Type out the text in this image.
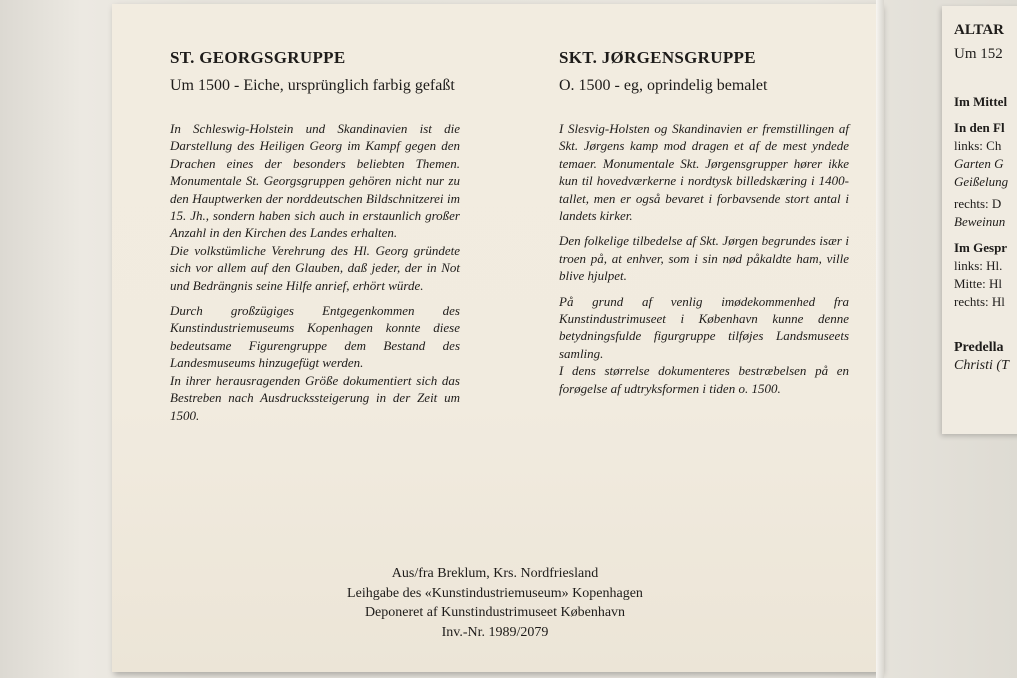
ST. GEORGSGRUPPE
Um 1500 - Eiche, ursprünglich farbig gefaßt

In Schleswig-Holstein und Skandinavien ist die Darstellung des Heiligen Georg im Kampf gegen den Drachen eines der besonders beliebten Themen. Monumentale St. Georgsgruppen gehören nicht nur zu den Hauptwerken der norddeutschen Bildschnitzerei im 15. Jh., sondern haben sich auch in erstaunlich großer Anzahl in den Kirchen des Landes erhalten.
Die volkstümliche Verehrung des Hl. Georg gründete sich vor allem auf den Glauben, daß jeder, der in Not und Bedrängnis seine Hilfe anrief, erhört würde.

Durch großzügiges Entgegenkommen des Kunstindustriemuseums Kopenhagen konnte diese bedeutsame Figurengruppe dem Bestand des Landesmuseums hinzugefügt werden.
In ihrer herausragenden Größe dokumentiert sich das Bestreben nach Ausdruckssteigerung in der Zeit um 1500.

SKT. JØRGENSGRUPPE
O. 1500 - eg, oprindelig bemalet

I Slesvig-Holsten og Skandinavien er fremstillingen af Skt. Jørgens kamp mod dragen et af de mest yndede temaer. Monumentale Skt. Jørgensgrupper hører ikke kun til hovedværkerne i nordtysk billedskæring i 1400-tallet, men er også bevaret i forbavsende stort antal i landets kirker.

Den folkelige tilbedelse af Skt. Jørgen begrundes især i troen på, at enhver, som i sin nød påkaldte ham, ville blive hjulpet.

På grund af venlig imødekommenhed fra Kunstindustrimuseet i København kunne denne betydningsfulde figurgruppe tilføjes Landsmuseets samling.
I dens størrelse dokumenteres bestræbelsen på en forøgelse af udtryksformen i tiden o. 1500.

Aus/fra Breklum, Krs. Nordfriesland
Leihgabe des «Kunstindustriemuseum» Kopenhagen
Deponeret af Kunstindustrimuseet København
Inv.-Nr. 1989/2079
ALTAR
Um 152
Im Mittel
In den Fl
links: Ch
Garten G
Geißelung
rechts: D
Beweinun
Im Gespr
links: Hl.
Mitte: Hl
rechts: Hl
Predella
Christi (T
